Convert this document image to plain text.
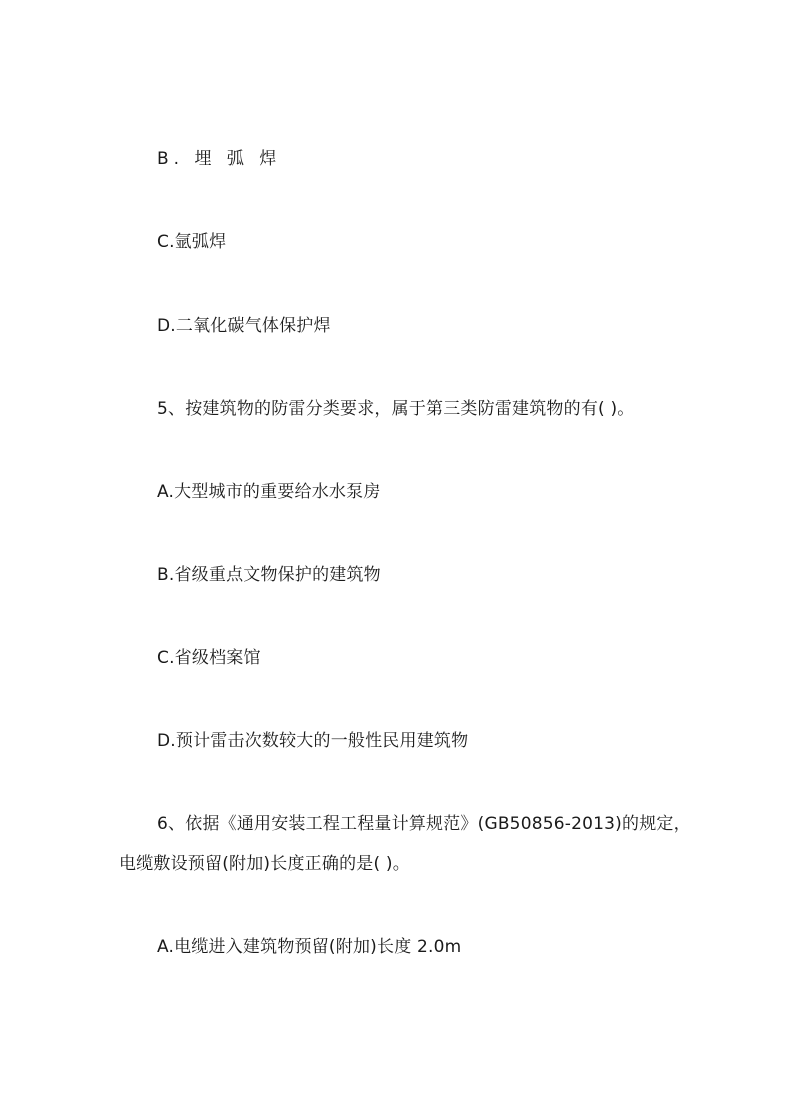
B. 埋 弧 焊
C.氩弧焊
D.二氧化碳气体保护焊
5、按建筑物的防雷分类要求，属于第三类防雷建筑物的有( )。
A.大型城市的重要给水水泵房
B.省级重点文物保护的建筑物
C.省级档案馆
D.预计雷击次数较大的一般性民用建筑物
6、依据《通用安装工程工程量计算规范》(GB50856-2013)的规定，
电缆敷设预留(附加)长度正确的是( )。
A.电缆进入建筑物预留(附加)长度 2.0m
